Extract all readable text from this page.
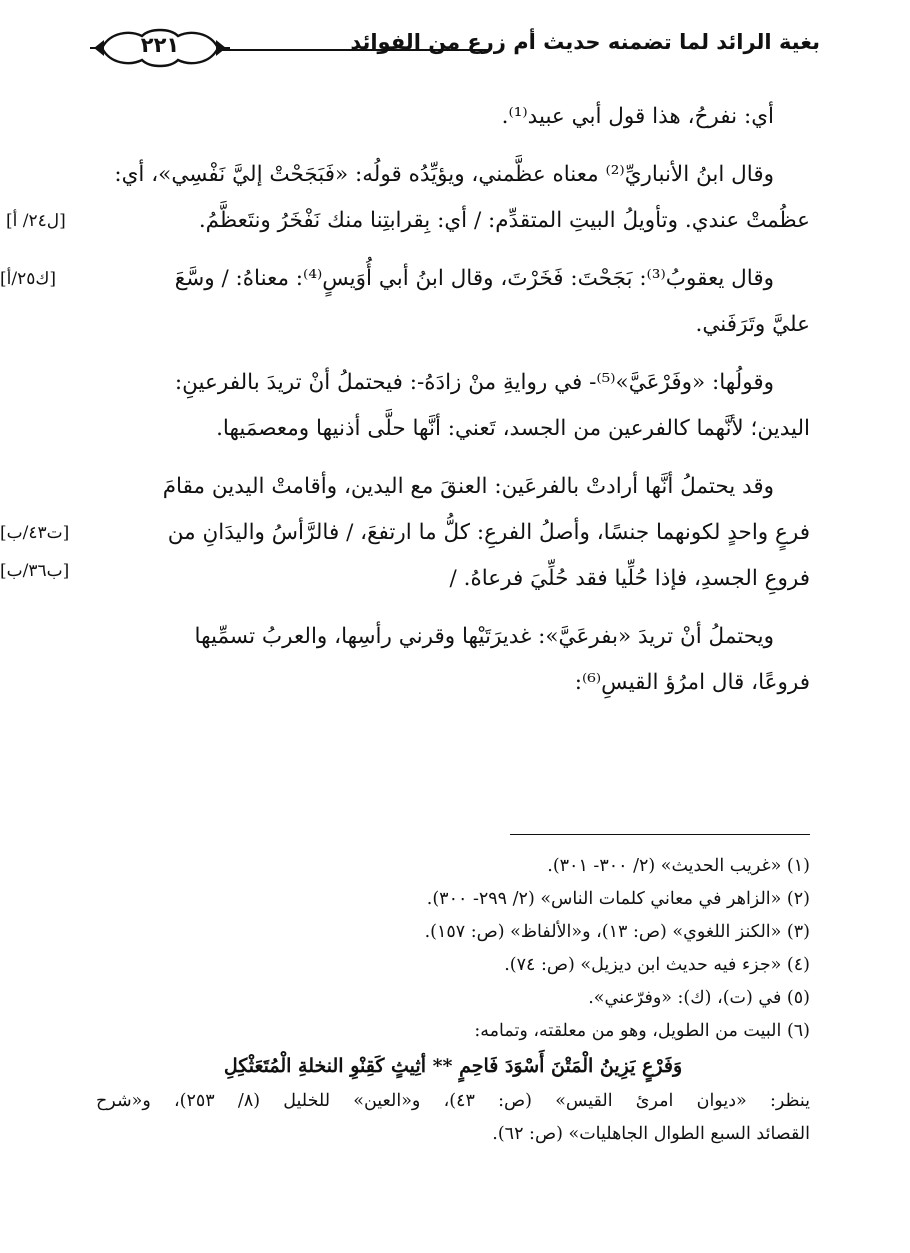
بغية الرائد لما تضمنه حديث أم زرع من الفوائد
٢٢١

أي: نفرحُ، هذا قول أبي عبيد⁽¹⁾.

وقال ابنُ الأنباريِّ⁽²⁾ معناه عظَّمني، ويؤيِّدُه قولُه: «فَبَجَحْتْ إليَّ نَفْسِي»، أي:
عظُمتْ عندي. وتأويلُ البيتِ المتقدِّم: / أي: بِقرابتِنا منك نَفْخَرُ ونتَعظَّمُ.
[ل٢٤/ أ]

وقال يعقوبُ⁽³⁾: بَجَحْتَ: فَخَرْتَ، وقال ابنُ أبي أُوَيسٍ⁽⁴⁾: معناهُ: / وسَّعَ
[ك٢٥/أ]
عليَّ وتَرَفَني.

وقولُها: «وفَرْعَيَّ»⁽⁵⁾- في روايةِ منْ زادَهُ-: فيحتملُ أنْ تريدَ بالفرعينِ:
اليدين؛ لأنَّهما كالفرعين من الجسد، تَعني: أنَّها حلَّى أذنيها ومعصمَيها.

وقد يحتملُ أنَّها أرادتْ بالفرعَين: العنقَ مع اليدين، وأقامتْ اليدين مقامَ
فرعٍ واحدٍ لكونهما جنسًا، وأصلُ الفرعِ: كلُّ ما ارتفعَ، / فالرَّأسُ واليدَانِ من
[ت٤٣/ب]
فروعِ الجسدِ، فإذا حُلِّيا فقد حُلِّيَ فرعاهُ. /
[ب٣٦/ب]

ويحتملُ أنْ تريدَ «بفرعَيَّ»: غديرَتَيْها وقرني رأسِها، والعربُ تسمِّيها
فروعًا، قال امرُؤ القيسِ⁽⁶⁾:

(١) «غريب الحديث» (٢/ ٣٠٠- ٣٠١).
(٢) «الزاهر في معاني كلمات الناس» (٢/ ٢٩٩- ٣٠٠).
(٣) «الكنز اللغوي» (ص: ١٣)، و«الألفاظ» (ص: ١٥٧).
(٤) «جزء فيه حديث ابن ديزيل» (ص: ٧٤).
(٥) في (ت)، (ك): «وفرّعني».
(٦) البيت من الطويل، وهو من معلقته، وتمامه:
وَفَرْعٍ يَزِينُ الْمَتْنَ أَسْوَدَ فَاحِمٍ ** أثِيثٍ كَقِنْوِ النخلةِ الْمُتَعَثْكِلِ
ينظر: «ديوان امرئ القيس» (ص: ٤٣)، و«العين» للخليل (٨/ ٢٥٣)، و«شرح
القصائد السبع الطوال الجاهليات» (ص: ٦٢).
